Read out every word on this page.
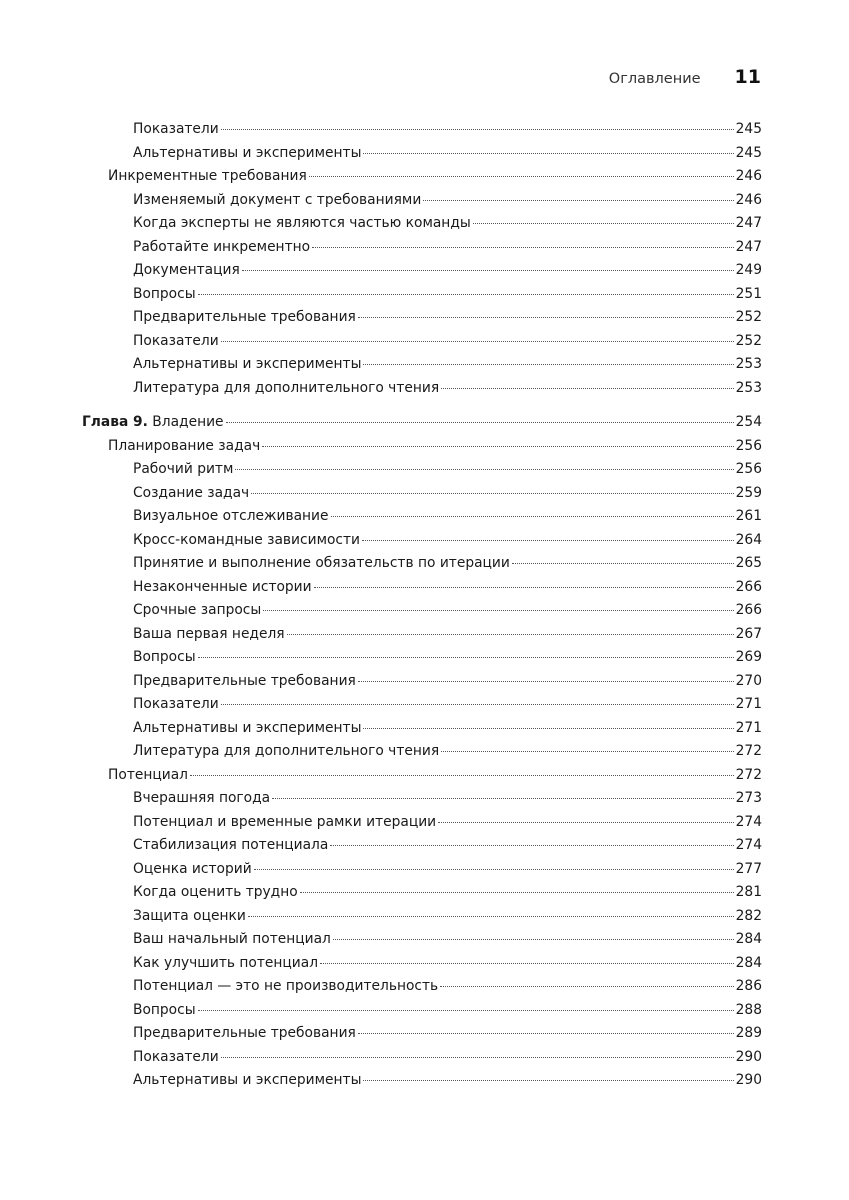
Оглавление 11
Показатели	245
Альтернативы и эксперименты	245
Инкрементные требования	246
Изменяемый документ с требованиями	246
Когда эксперты не являются частью команды	247
Работайте инкрементно	247
Документация	249
Вопросы	251
Предварительные требования	252
Показатели	252
Альтернативы и эксперименты	253
Литература для дополнительного чтения	253
Глава 9. Владение	254
Планирование задач	256
Рабочий ритм	256
Создание задач	259
Визуальное отслеживание	261
Кросс-командные зависимости	264
Принятие и выполнение обязательств по итерации	265
Незаконченные истории	266
Срочные запросы	266
Ваша первая неделя	267
Вопросы	269
Предварительные требования	270
Показатели	271
Альтернативы и эксперименты	271
Литература для дополнительного чтения	272
Потенциал	272
Вчерашняя погода	273
Потенциал и временные рамки итерации	274
Стабилизация потенциала	274
Оценка историй	277
Когда оценить трудно	281
Защита оценки	282
Ваш начальный потенциал	284
Как улучшить потенциал	284
Потенциал — это не производительность	286
Вопросы	288
Предварительные требования	289
Показатели	290
Альтернативы и эксперименты	290
